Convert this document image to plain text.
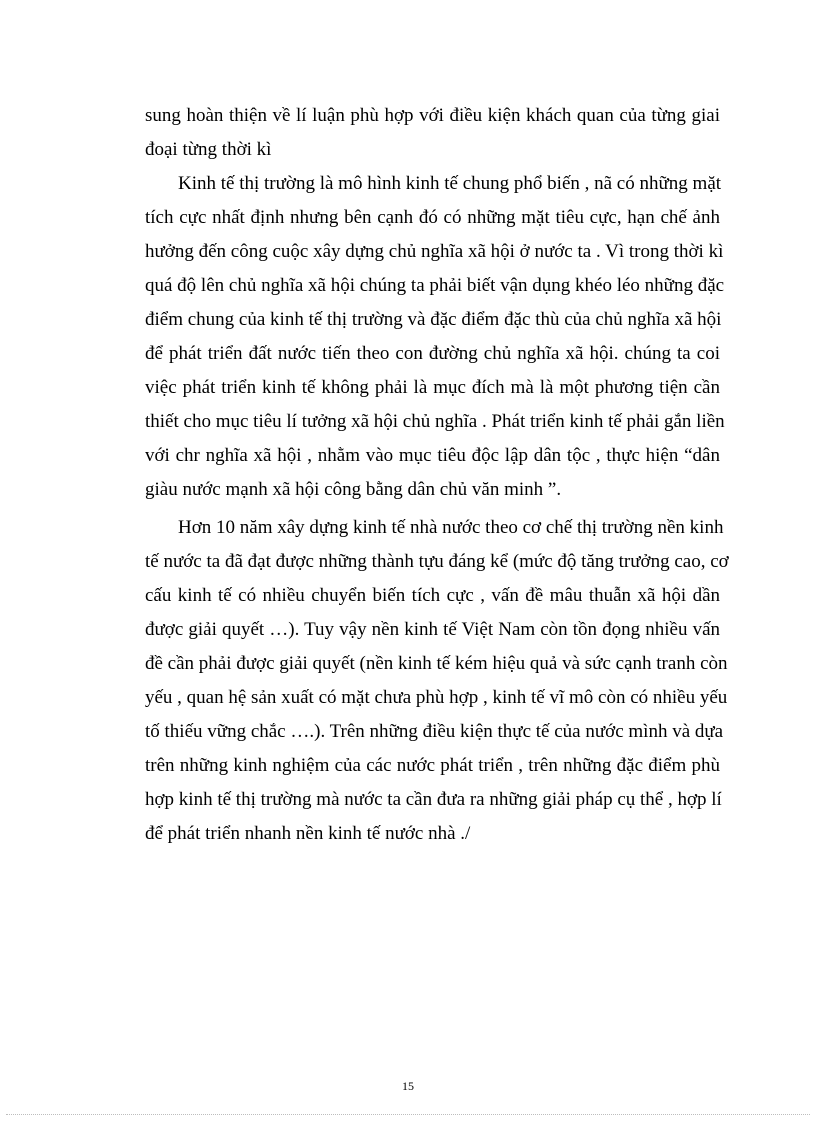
sung hoàn thiện về lí luận phù hợp với điều kiện khách quan của từng giai
đoại từng thời kì
Kinh tế thị trường là mô hình kinh tế chung phổ biến , nã có những mặt
tích cực nhất định nhưng bên cạnh đó có những mặt tiêu cực, hạn chế ảnh
hưởng đến công cuộc xây dựng chủ nghĩa xã hội ở nước ta . Vì trong thời kì
quá độ lên chủ nghĩa xã hội chúng ta phải biết vận dụng khéo léo những đặc
điểm chung của kinh tế thị trường và đặc điểm đặc thù của chủ nghĩa xã hội
để phát triển đất nước tiến theo con đường chủ nghĩa xã hội. chúng ta coi
việc phát triển kinh tế không phải là mục đích mà là một phương tiện cần
thiết cho mục tiêu lí tưởng xã hội chủ nghĩa . Phát triển kinh tế phải gắn liền
với chr nghĩa xã hội , nhằm vào mục tiêu độc lập dân tộc , thực hiện “dân
giàu nước mạnh xã hội công bằng dân chủ văn minh ”.
Hơn 10 năm xây dựng kinh tế nhà nước theo cơ chế thị trường nền kinh
tế nước ta đã đạt được những thành tựu đáng kể (mức độ tăng trưởng cao, cơ
cấu kinh tế có nhiều chuyển biến tích cực , vấn đề mâu thuẫn xã hội dần
được giải quyết …). Tuy vậy nền kinh tế Việt Nam còn tồn đọng nhiều vấn
đề cần phải được giải quyết (nền kinh tế kém hiệu quả và sức cạnh tranh còn
yếu , quan hệ sản xuất có mặt chưa phù hợp , kinh tế vĩ mô còn có nhiều yếu
tố thiếu vững chắc ….). Trên những điều kiện thực tế của nước mình và dựa
trên những kinh nghiệm của các nước phát triển , trên những đặc điểm phù
hợp kinh tế thị trường mà nước ta cần đưa ra những giải pháp cụ thể , hợp lí
để phát triển nhanh nền kinh tế nước nhà ./
15
